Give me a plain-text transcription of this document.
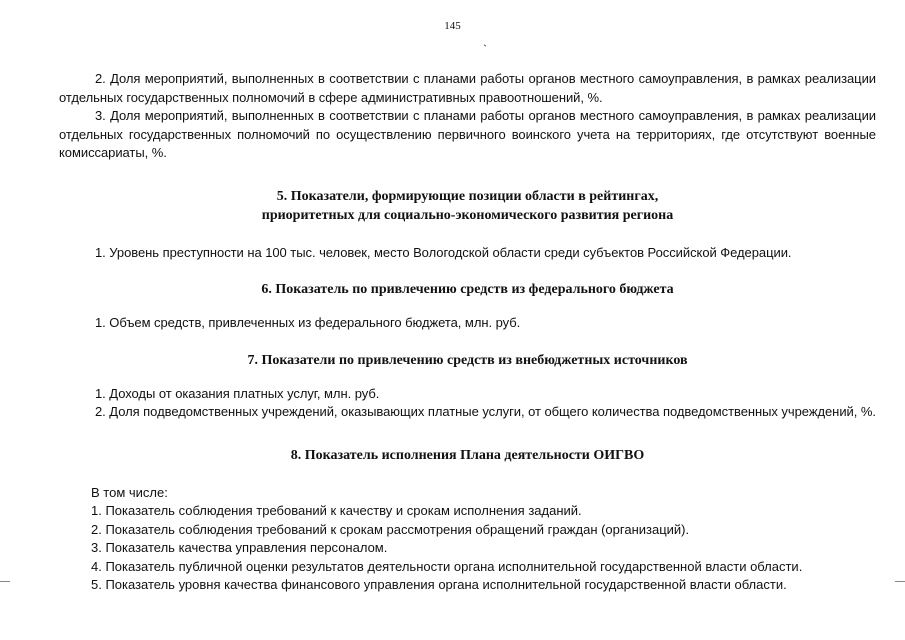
145
`

2. Доля мероприятий, выполненных в соответствии с планами работы органов местного самоуправления, в рамках реализации отдельных государственных полномочий в сфере административных правоотношений, %.

3. Доля мероприятий, выполненных в соответствии с планами работы органов местного самоуправления, в рамках реализации отдельных государственных полномочий по осуществлению первичного воинского учета на территориях, где отсутствуют военные комиссариаты, %.

5. Показатели, формирующие позиции области в рейтингах,

приоритетных для социально-экономического развития региона

1. Уровень преступности на 100 тыс. человек, место Вологодской области среди субъектов Российской Федерации.

6. Показатель по привлечению средств из федерального бюджета

1. Объем средств, привлеченных из федерального бюджета, млн. руб.

7. Показатели по привлечению средств из внебюджетных источников

1. Доходы от оказания платных услуг, млн. руб.

2. Доля подведомственных учреждений, оказывающих платные услуги, от общего количества подведомственных учреждений, %.

8. Показатель исполнения Плана деятельности ОИГВО

В том числе:

1. Показатель соблюдения требований к качеству и срокам исполнения заданий.

2. Показатель соблюдения требований к срокам рассмотрения обращений граждан (организаций).

3. Показатель качества управления персоналом.

4. Показатель публичной оценки результатов деятельности органа исполнительной государственной власти области.

5. Показатель уровня качества финансового управления органа исполнительной государственной власти области.
